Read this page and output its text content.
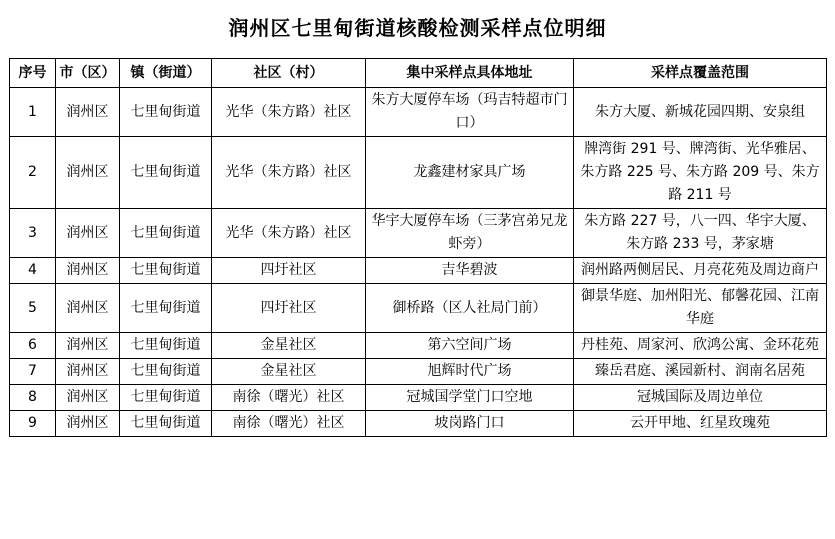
润州区七里甸街道核酸检测采样点位明细
序号	市（区）	镇（街道）	社区（村）	集中采样点具体地址	采样点覆盖范围
1	润州区	七里甸街道	光华（朱方路）社区	朱方大厦停车场（玛吉特超市门口）	朱方大厦、新城花园四期、安泉组
2	润州区	七里甸街道	光华（朱方路）社区	龙鑫建材家具广场	牌湾街 291 号、牌湾街、光华雅居、朱方路 225 号、朱方路 209 号、朱方路 211 号
3	润州区	七里甸街道	光华（朱方路）社区	华宇大厦停车场（三茅宫弟兄龙虾旁）	朱方路 227 号，八一四、华宇大厦、朱方路 233 号，茅家塘
4	润州区	七里甸街道	四圩社区	吉华碧波	润州路两侧居民、月亮花苑及周边商户
5	润州区	七里甸街道	四圩社区	御桥路（区人社局门前）	御景华庭、加州阳光、郁馨花园、江南华庭
6	润州区	七里甸街道	金星社区	第六空间广场	丹桂苑、周家河、欣鸿公寓、金环花苑
7	润州区	七里甸街道	金星社区	旭辉时代广场	臻岳君庭、溪园新村、润南名居苑
8	润州区	七里甸街道	南徐（曙光）社区	冠城国学堂门口空地	冠城国际及周边单位
9	润州区	七里甸街道	南徐（曙光）社区	坡岗路门口	云开甲地、红星玫瑰苑
